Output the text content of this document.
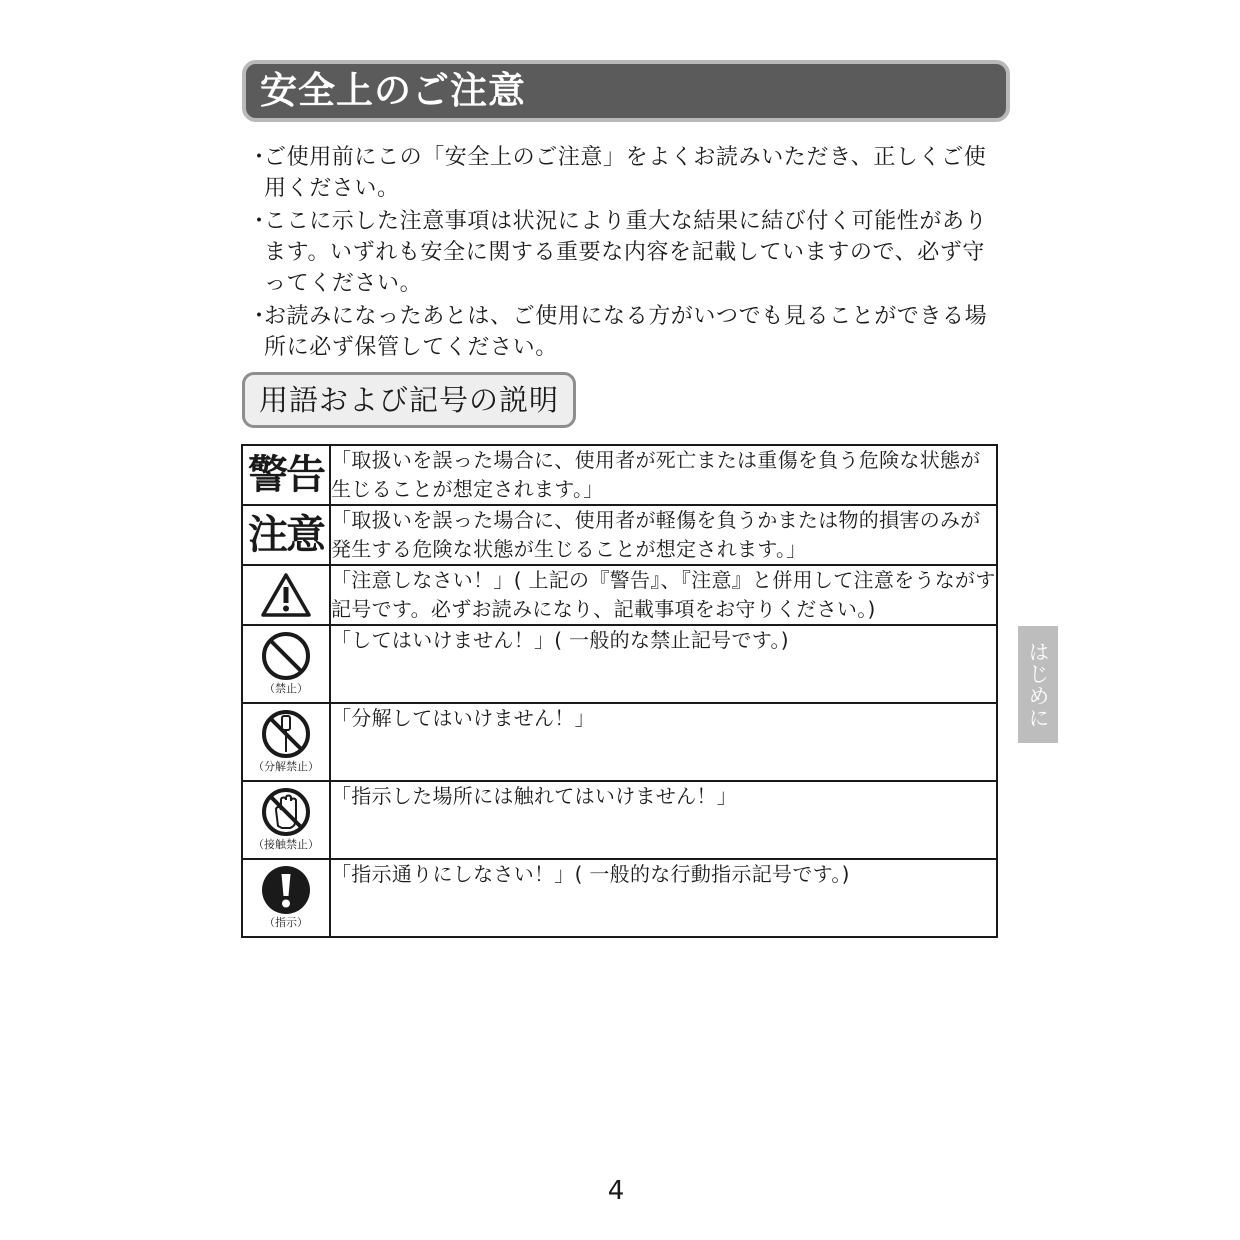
安全上のご注意
・
ご使用前にこの「安全上のご注意」をよくお読みいただき、正しくご使用ください。
・
ここに示した注意事項は状況により重大な結果に結び付く可能性があります。いずれも安全に関する重要な内容を記載していますので、必ず守ってください。
・
お読みになったあとは、ご使用になる方がいつでも見ることができる場所に必ず保管してください。
用語および記号の説明
警告	「取扱いを誤った場合に、使用者が死亡または重傷を負う危険な状態が生じることが想定されます。」

注意	「取扱いを誤った場合に、使用者が軽傷を負うかまたは物的損害のみが発生する危険な状態が生じることが想定されます。」

	「注意しなさい！」( 上記の『警告』、『注意』と併用して注意をうながす記号です。必ずお読みになり、記載事項をお守りください。)

（禁止）	「してはいけません！」( 一般的な禁止記号です。)

（分解禁止）	「分解してはいけません！」

（接触禁止）	「指示した場所には触れてはいけません！」

（指示）	「指示通りにしなさい！」( 一般的な行動指示記号です。)
はじめに
4
